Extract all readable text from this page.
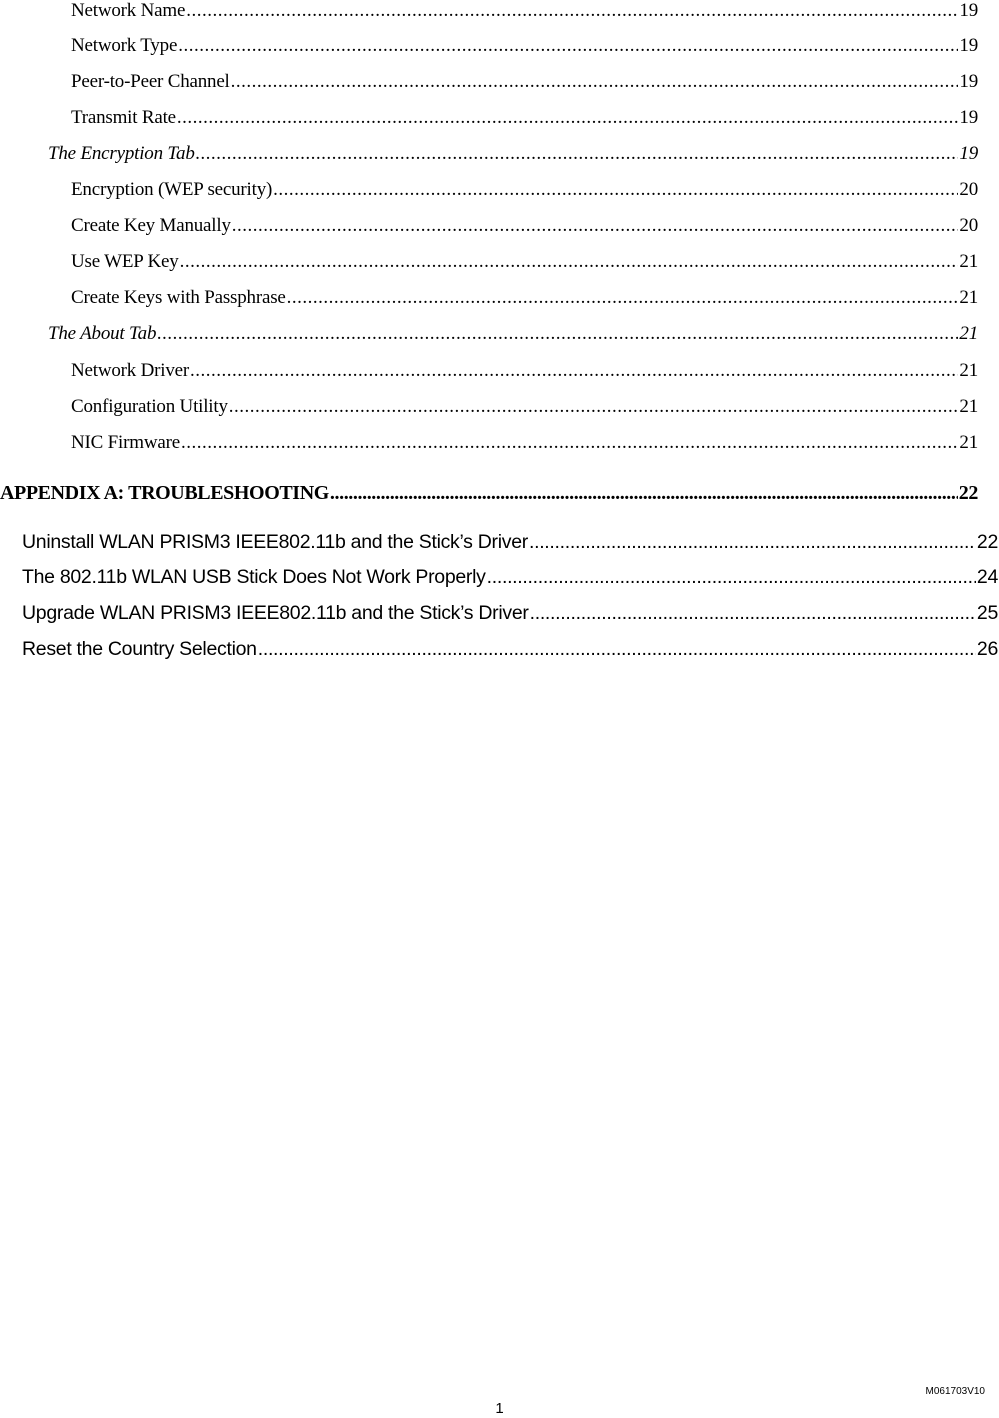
Network Name .....	19
Network Type .....	19
Peer-to-Peer Channel .....	19
Transmit Rate .....	19
The Encryption Tab .....	19
Encryption (WEP security) .....	20
Create Key Manually .....	20
Use WEP Key .....	21
Create Keys with Passphrase .....	21
The About Tab .....	21
Network Driver .....	21
Configuration Utility .....	21
NIC Firmware .....	21
APPENDIX A: TROUBLESHOOTING .....	22
Uninstall WLAN PRISM3 IEEE802.11b and the Stick’s Driver .....	22
The 802.11b WLAN USB Stick Does Not Work Properly .....	24
Upgrade WLAN PRISM3 IEEE802.11b and the Stick’s Driver .....	25
Reset the Country Selection .....	26
M061703V10
1
